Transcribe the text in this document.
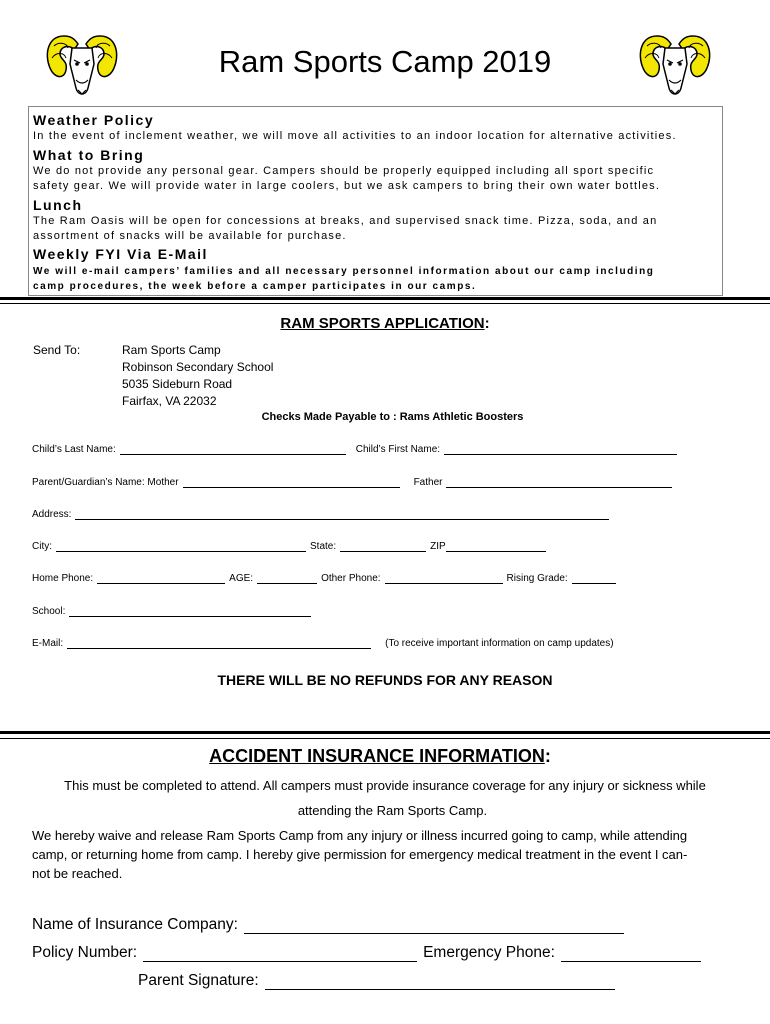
Ram Sports Camp 2019
Weather Policy
In the event of inclement weather, we will move all activities to an indoor location for alternative activities.
What to Bring
We do not provide any personal gear. Campers should be properly equipped including all sport specific
safety gear. We will provide water in large coolers, but we ask campers to bring their own water bottles.
Lunch
The Ram Oasis will be open for concessions at breaks, and supervised snack time. Pizza, soda, and an
assortment of snacks will be available for purchase.
Weekly FYI Via E-Mail
We will e-mail campers’ families and all necessary personnel information about our camp including
camp procedures, the week before a camper participates in our camps.
RAM SPORTS APPLICATION:
Send To:	Ram Sports Camp
Robinson Secondary School
5035 Sideburn Road
Fairfax, VA 22032
Checks Made Payable to : Rams Athletic Boosters
Child’s Last Name:	Child’s First Name:
Parent/Guardian’s Name: Mother	Father
Address:
City:	State:	ZIP
Home Phone:	AGE:	Other Phone:	Rising Grade:
School:
E-Mail:	(To receive important information on camp updates)
THERE WILL BE NO REFUNDS FOR ANY REASON
ACCIDENT INSURANCE INFORMATION:
This must be completed to attend. All campers must provide insurance coverage for any injury or sickness while
attending the Ram Sports Camp.
We hereby waive and release Ram Sports Camp from any injury or illness incurred going to camp, while attending
camp, or returning home from camp. I hereby give permission for emergency medical treatment in the event I can-
not be reached.
Name of Insurance Company:
Policy Number:	Emergency Phone:
Parent Signature:
